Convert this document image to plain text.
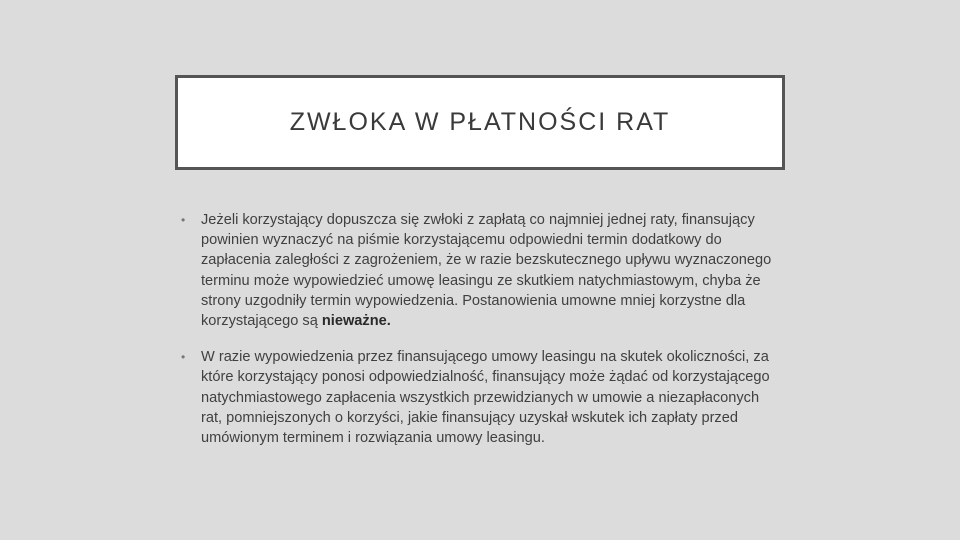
ZWŁOKA W PŁATNOŚCI RAT
• Jeżeli korzystający dopuszcza się zwłoki z zapłatą co najmniej jednej raty, finansujący powinien wyznaczyć na piśmie korzystającemu odpowiedni termin dodatkowy do zapłacenia zaległości z zagrożeniem, że w razie bezskutecznego upływu wyznaczonego terminu może wypowiedzieć umowę leasingu ze skutkiem natychmiastowym, chyba że strony uzgodniły termin wypowiedzenia. Postanowienia umowne mniej korzystne dla korzystającego są nieważne.
• W razie wypowiedzenia przez finansującego umowy leasingu na skutek okoliczności, za które korzystający ponosi odpowiedzialność, finansujący może żądać od korzystającego natychmiastowego zapłacenia wszystkich przewidzianych w umowie a niezapłaconych rat, pomniejszonych o korzyści, jakie finansujący uzyskał wskutek ich zapłaty przed umówionym terminem i rozwiązania umowy leasingu.
